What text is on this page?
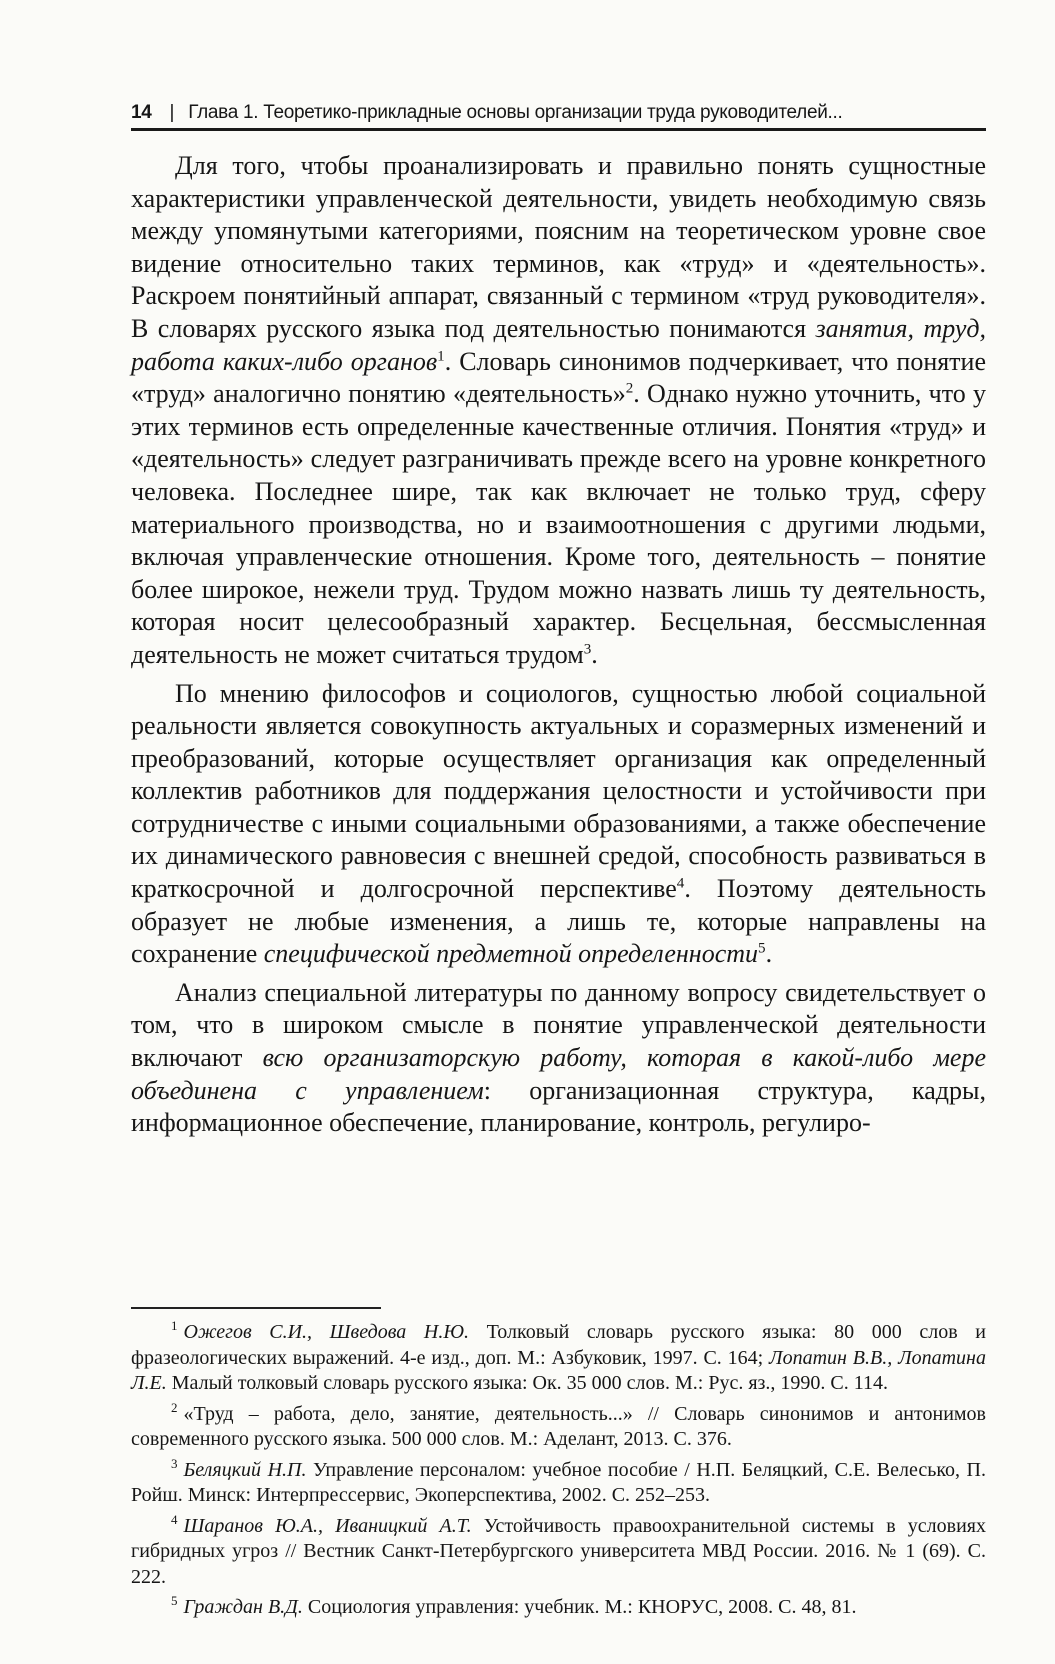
14 | Глава 1. Теоретико-прикладные основы организации труда руководителей...

Для того, чтобы проанализировать и правильно понять сущностные характеристики управленческой деятельности, увидеть необходимую связь между упомянутыми категориями, поясним на теоретическом уровне свое видение относительно таких терминов, как «труд» и «деятельность». Раскроем понятийный аппарат, связанный с термином «труд руководителя». В словарях русского языка под деятельностью понимаются занятия, труд, работа каких-либо органов$^1$. Словарь синонимов подчеркивает, что понятие «труд» аналогично понятию «деятельность»$^2$. Однако нужно уточнить, что у этих терминов есть определенные качественные отличия. Понятия «труд» и «деятельность» следует разграничивать прежде всего на уровне конкретного человека. Последнее шире, так как включает не только труд, сферу материального производства, но и взаимоотношения с другими людьми, включая управленческие отношения. Кроме того, деятельность – понятие более широкое, нежели труд. Трудом можно назвать лишь ту деятельность, которая носит целесообразный характер. Бесцельная, бессмысленная деятельность не может считаться трудом$^3$.

По мнению философов и социологов, сущностью любой социальной реальности является совокупность актуальных и соразмерных изменений и преобразований, которые осуществляет организация как определенный коллектив работников для поддержания целостности и устойчивости при сотрудничестве с иными социальными образованиями, а также обеспечение их динамического равновесия с внешней средой, способность развиваться в краткосрочной и долгосрочной перспективе$^4$. Поэтому деятельность образует не любые изменения, а лишь те, которые направлены на сохранение специфической предметной определенности$^5$.

Анализ специальной литературы по данному вопросу свидетельствует о том, что в широком смысле в понятие управленческой деятельности включают всю организаторскую работу, которая в какой-либо мере объединена с управлением: организационная структура, кадры, информационное обеспечение, планирование, контроль, регулиро-

$^1$ Ожегов С.И., Шведова Н.Ю. Толковый словарь русского языка: 80 000 слов и фразеологических выражений. 4-е изд., доп. М.: Азбуковик, 1997. С. 164; Лопатин В.В., Лопатина Л.Е. Малый толковый словарь русского языка: Ок. 35 000 слов. М.: Рус. яз., 1990. С. 114.

$^2$ «Труд – работа, дело, занятие, деятельность...» // Словарь синонимов и антонимов современного русского языка. 500 000 слов. М.: Аделант, 2013. С. 376.

$^3$ Беляцкий Н.П. Управление персоналом: учебное пособие / Н.П. Беляцкий, С.Е. Велесько, П. Ройш. Минск: Интерпрессервис, Экоперспектива, 2002. С. 252–253.

$^4$ Шаранов Ю.А., Иваницкий А.Т. Устойчивость правоохранительной системы в условиях гибридных угроз // Вестник Санкт-Петербургского университета МВД России. 2016. № 1 (69). С. 222.

$^5$ Граждан В.Д. Социология управления: учебник. М.: КНОРУС, 2008. С. 48, 81.
